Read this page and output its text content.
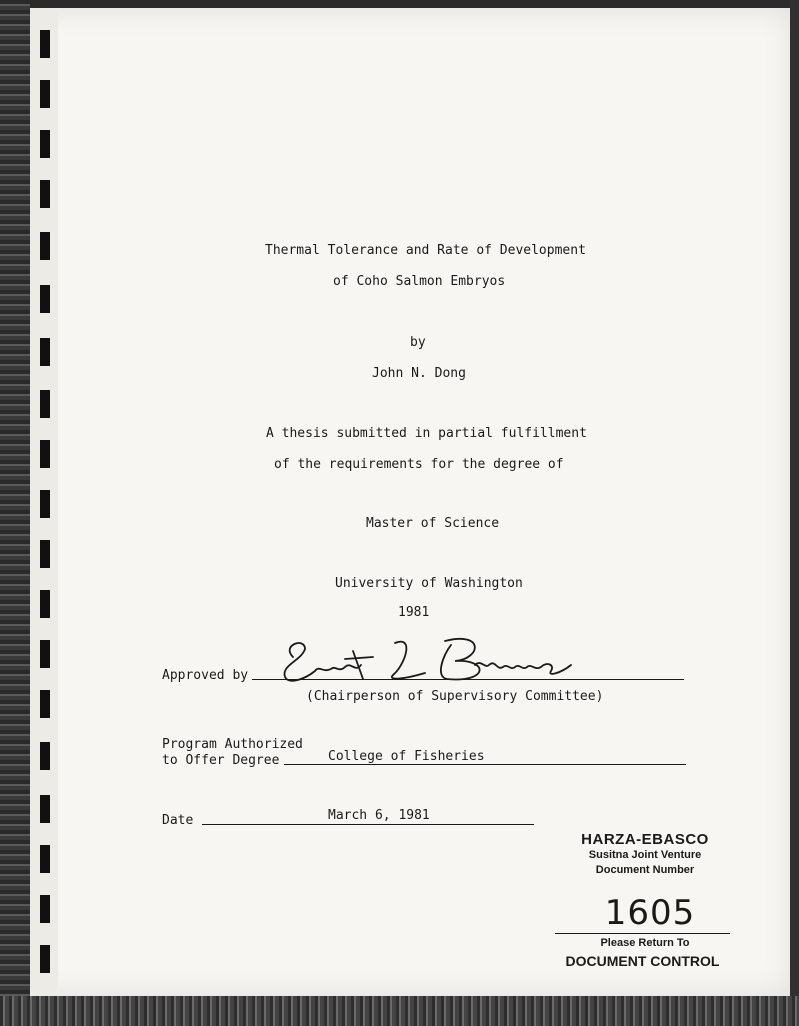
Thermal Tolerance and Rate of Development
of Coho Salmon Embryos
by
John N. Dong
A thesis submitted in partial fulfillment
of the requirements for the degree of
Master of Science
University of Washington
1981
Approved by
(Chairperson of Supervisory Committee)
Program Authorized
to Offer Degree	College of Fisheries
Date	March 6, 1981
HARZA-EBASCO
Susitna Joint Venture
Document Number
1605
Please Return To
DOCUMENT CONTROL
